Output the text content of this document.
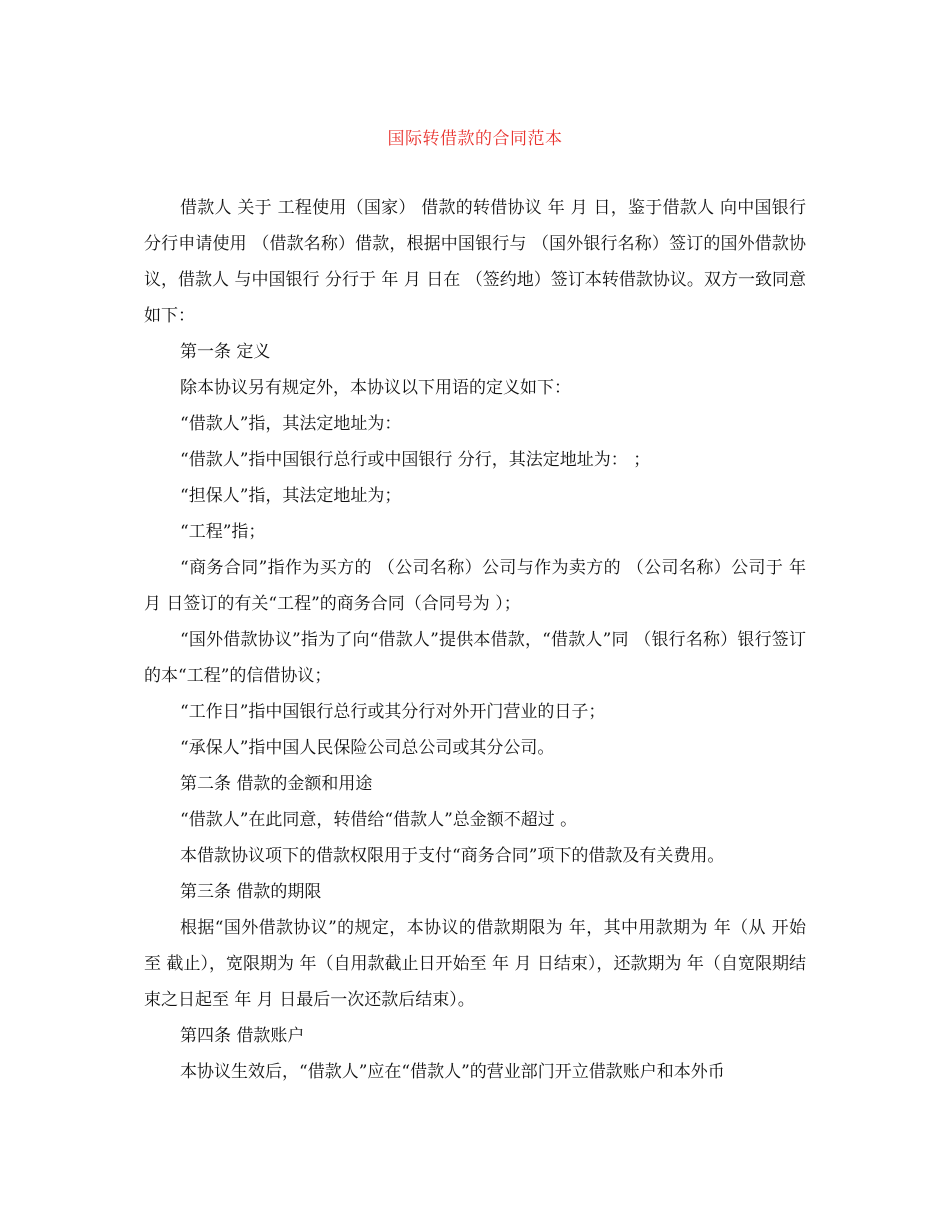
国际转借款的合同范本

借款人 关于 工程使用（国家） 借款的转借协议 年 月 日，鉴于借款人 向中国银行 分行申请使用 （借款名称）借款，根据中国银行与 （国外银行名称）签订的国外借款协议，借款人 与中国银行 分行于 年 月 日在 （签约地）签订本转借款协议。双方一致同意如下：

第一条 定义

除本协议另有规定外，本协议以下用语的定义如下：

“借款人”指，其法定地址为：

“借款人”指中国银行总行或中国银行 分行，其法定地址为： ；

“担保人”指，其法定地址为；

“工程”指；

“商务合同”指作为买方的 （公司名称）公司与作为卖方的 （公司名称）公司于 年 月 日签订的有关“工程”的商务合同（合同号为 ）；

“国外借款协议”指为了向“借款人”提供本借款，“借款人”同 （银行名称）银行签订的本“工程”的信借协议；

“工作日”指中国银行总行或其分行对外开门营业的日子；

“承保人”指中国人民保险公司总公司或其分公司。

第二条 借款的金额和用途

“借款人”在此同意，转借给“借款人”总金额不超过 。

本借款协议项下的借款权限用于支付“商务合同”项下的借款及有关费用。

第三条 借款的期限

根据“国外借款协议”的规定，本协议的借款期限为 年，其中用款期为 年（从 开始至 截止），宽限期为 年（自用款截止日开始至 年 月 日结束），还款期为 年（自宽限期结束之日起至 年 月 日最后一次还款后结束）。

第四条 借款账户

本协议生效后，“借款人”应在“借款人”的营业部门开立借款账户和本外币
